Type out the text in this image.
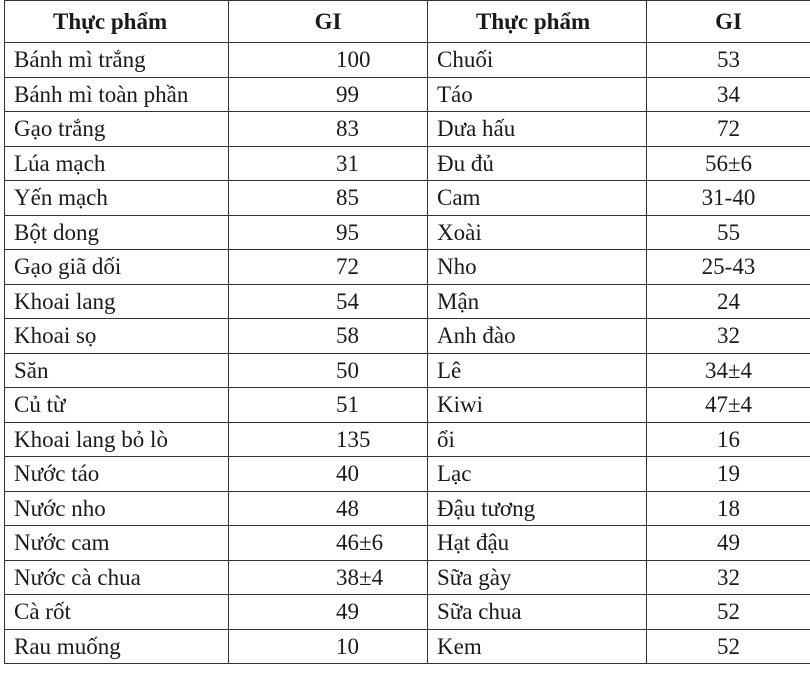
Thực phẩm	GI	Thực phẩm	GI
Bánh mì trắng	100	Chuối	53
Bánh mì toàn phần	99	Táo	34
Gạo trắng	83	Dưa hấu	72
Lúa mạch	31	Đu đủ	56±6
Yến mạch	85	Cam	31-40
Bột dong	95	Xoài	55
Gạo giã dối	72	Nho	25-43
Khoai lang	54	Mận	24
Khoai sọ	58	Anh đào	32
Săn	50	Lê	34±4
Củ từ	51	Kiwi	47±4
Khoai lang bỏ lò	135	ổi	16
Nước táo	40	Lạc	19
Nước nho	48	Đậu tương	18
Nước cam	46±6	Hạt đậu	49
Nước cà chua	38±4	Sữa gày	32
Cà rốt	49	Sữa chua	52
Rau muống	10	Kem	52
